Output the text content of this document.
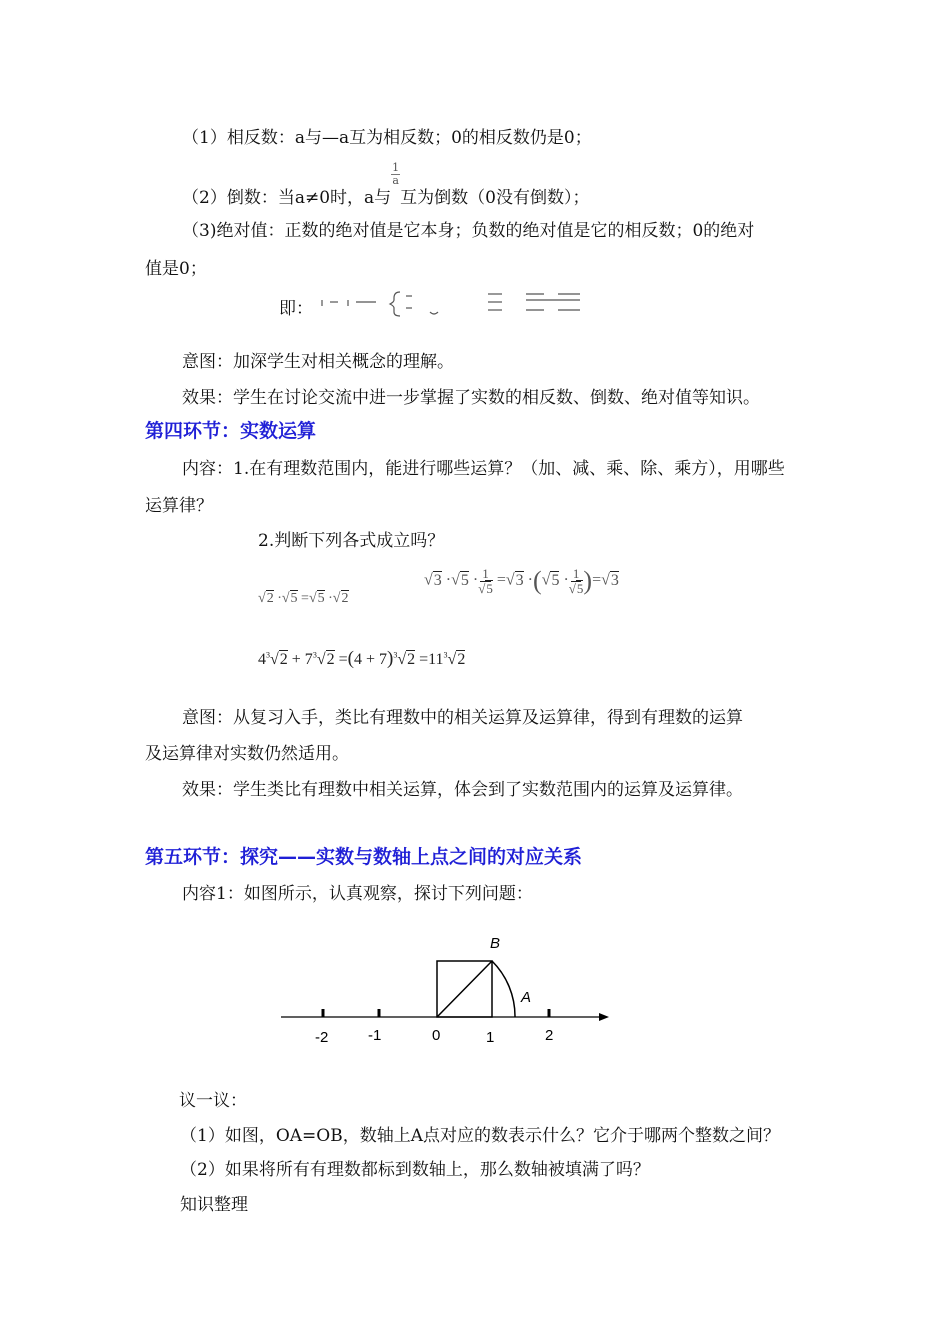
（1）相反数：a与—a互为相反数；0的相反数仍是0；
（2）倒数：当a≠0时，a与
$\frac{1}{a}$
互为倒数（0没有倒数）；
（3)绝对值：正数的绝对值是它本身；负数的绝对值是它的相反数；0的绝对
值是0；
即：
意图：加深学生对相关概念的理解。
效果：学生在讨论交流中进一步掌握了实数的相反数、倒数、绝对值等知识。
第四环节：实数运算
内容：1.在有理数范围内，能进行哪些运算？（加、减、乘、除、乘方），用哪些
运算律？
2.判断下列各式成立吗？
$√3 \cdot√5 \cdot \frac{1}{√5} =√3 \cdot(√5 \cdot \frac{1}{√5} )=√3$
√2 ·√5 =√5 ·√2
$4^3√2 + 7^3√2 =(4 + 7)^3√2 =11^3√2$
意图：从复习入手，类比有理数中的相关运算及运算律，得到有理数的运算
及运算律对实数仍然适用。
效果：学生类比有理数中相关运算，体会到了实数范围内的运算及运算律。
第五环节：探究——实数与数轴上点之间的对应关系
内容1：如图所示，认真观察，探讨下列问题：
B
A
-2	-1	0	1	2
议一议：
（1）如图，OA=OB，数轴上A点对应的数表示什么？它介于哪两个整数之间？
（2）如果将所有有理数都标到数轴上，那么数轴被填满了吗？
知识整理
